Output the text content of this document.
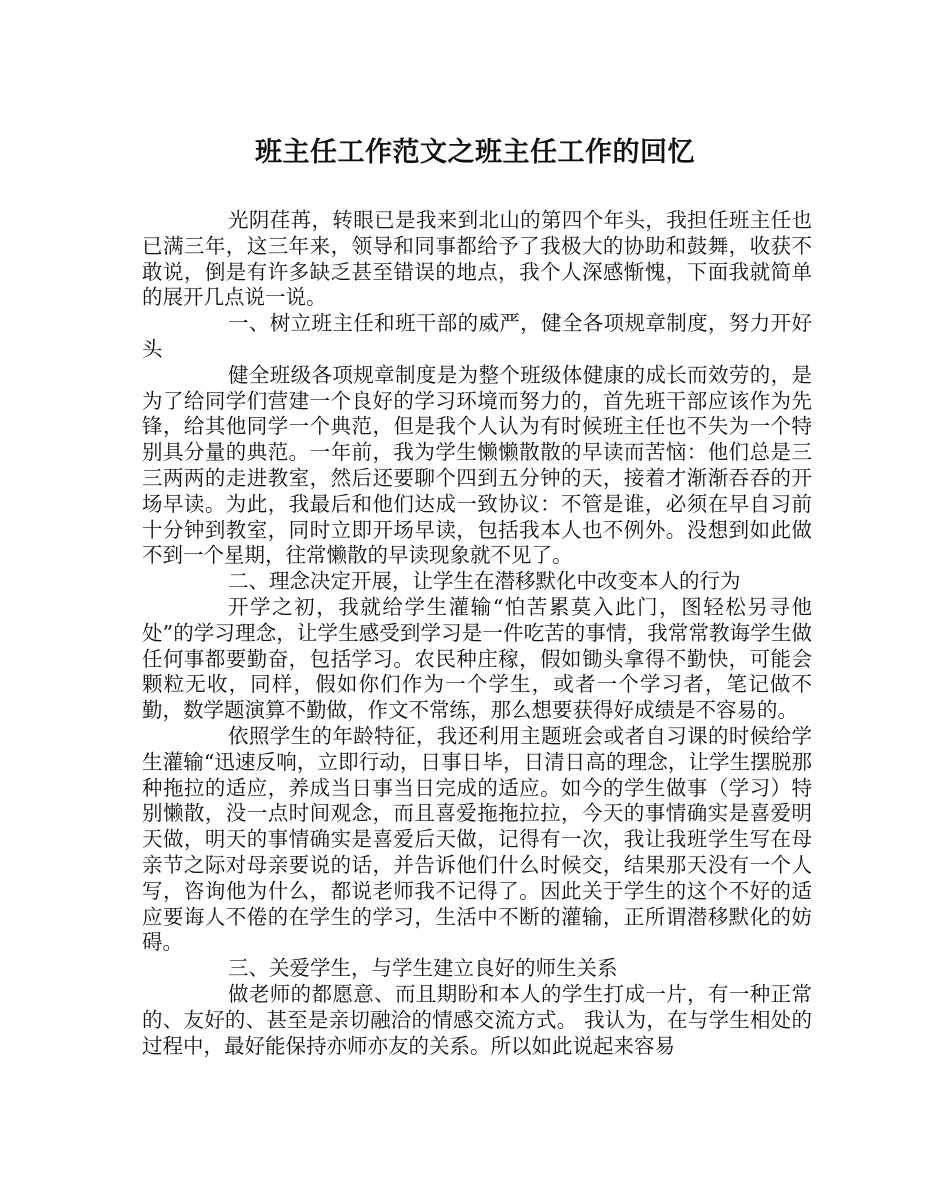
班主任工作范文之班主任工作的回忆

光阴荏苒，转眼已是我来到北山的第四个年头，我担任班主任也已满三年，这三年来，领导和同事都给予了我极大的协助和鼓舞，收获不敢说，倒是有许多缺乏甚至错误的地点，我个人深感惭愧，下面我就简单的展开几点说一说。

一、树立班主任和班干部的威严，健全各项规章制度，努力开好头

健全班级各项规章制度是为整个班级体健康的成长而效劳的，是为了给同学们营建一个良好的学习环境而努力的，首先班干部应该作为先锋，给其他同学一个典范，但是我个人认为有时候班主任也不失为一个特别具分量的典范。一年前，我为学生懒懒散散的早读而苦恼：他们总是三三两两的走进教室，然后还要聊个四到五分钟的天，接着才渐渐吞吞的开场早读。为此，我最后和他们达成一致协议：不管是谁，必须在早自习前十分钟到教室，同时立即开场早读，包括我本人也不例外。没想到如此做不到一个星期，往常懒散的早读现象就不见了。

二、理念决定开展，让学生在潜移默化中改变本人的行为

开学之初，我就给学生灌输“怕苦累莫入此门，图轻松另寻他处”的学习理念，让学生感受到学习是一件吃苦的事情，我常常教诲学生做任何事都要勤奋，包括学习。农民种庄稼，假如锄头拿得不勤快，可能会颗粒无收，同样，假如你们作为一个学生，或者一个学习者，笔记做不勤，数学题演算不勤做，作文不常练，那么想要获得好成绩是不容易的。

依照学生的年龄特征，我还利用主题班会或者自习课的时候给学生灌输“迅速反响，立即行动，日事日毕，日清日高的理念，让学生摆脱那种拖拉的适应，养成当日事当日完成的适应。如今的学生做事（学习）特别懒散，没一点时间观念，而且喜爱拖拖拉拉，今天的事情确实是喜爱明天做，明天的事情确实是喜爱后天做，记得有一次，我让我班学生写在母亲节之际对母亲要说的话，并告诉他们什么时候交，结果那天没有一个人写，咨询他为什么，都说老师我不记得了。因此关于学生的这个不好的适应要诲人不倦的在学生的学习，生活中不断的灌输，正所谓潜移默化的妨碍。

三、关爱学生，与学生建立良好的师生关系

做老师的都愿意、而且期盼和本人的学生打成一片，有一种正常的、友好的、甚至是亲切融洽的情感交流方式。 我认为，在与学生相处的过程中，最好能保持亦师亦友的关系。所以如此说起来容易
